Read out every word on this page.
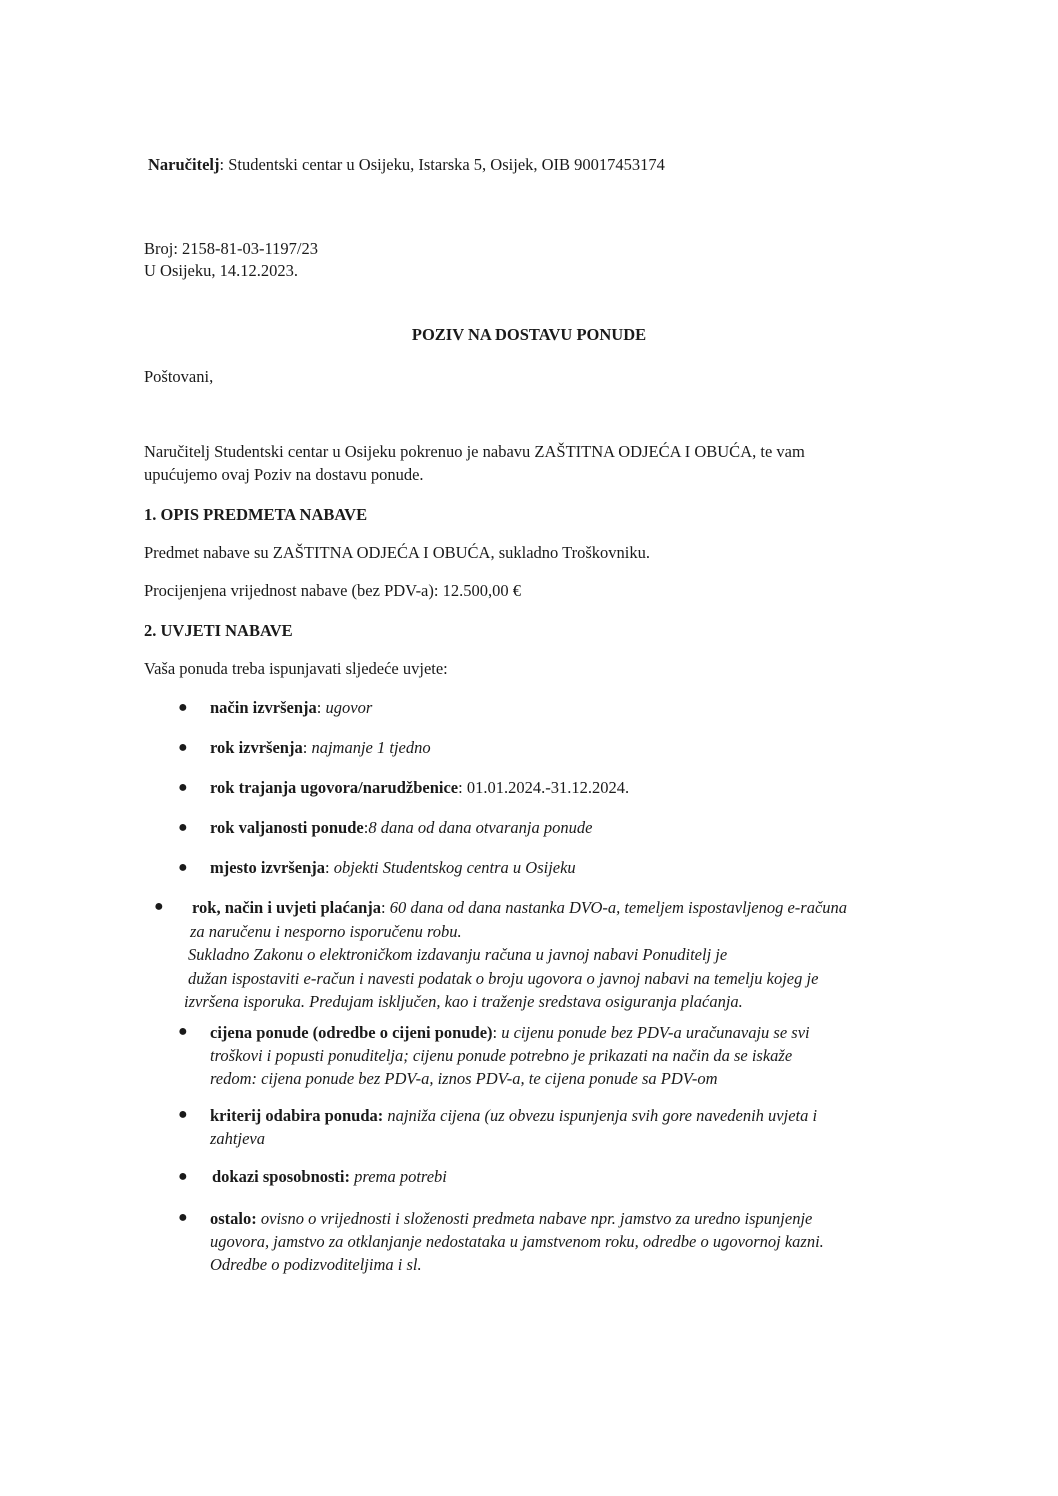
Naručitelj: Studentski centar u Osijeku, Istarska 5, Osijek, OIB 90017453174

Broj: 2158-81-03-1197/23

U Osijeku, 14.12.2023.

POZIV NA DOSTAVU PONUDE

Poštovani,

Naručitelj Studentski centar u Osijeku pokrenuo je nabavu ZAŠTITNA ODJEĆA I OBUĆA, te vam

upućujemo ovaj Poziv na dostavu ponude.

1. OPIS PREDMETA NABAVE

Predmet nabave su ZAŠTITNA ODJEĆA I OBUĆA, sukladno Troškovniku.

Procijenjena vrijednost nabave (bez PDV-a): 12.500,00 €

2. UVJETI NABAVE

Vaša ponuda treba ispunjavati sljedeće uvjete:

● način izvršenja: ugovor
● rok izvršenja: najmanje 1 tjedno
● rok trajanja ugovora/narudžbenice: 01.01.2024.-31.12.2024.
● rok valjanosti ponude:8 dana od dana otvaranja ponude
● mjesto izvršenja: objekti Studentskog centra u Osijeku
● rok, način i uvjeti plaćanja: 60 dana od dana nastanka DVO-a, temeljem ispostavljenog e-računa
za naručenu i nesporno isporučenu robu.
Sukladno Zakonu o elektroničkom izdavanju računa u javnoj nabavi Ponuditelj je
dužan ispostaviti e-račun i navesti podatak o broju ugovora o javnoj nabavi na temelju kojeg je
izvršena isporuka. Predujam isključen, kao i traženje sredstava osiguranja plaćanja.
● cijena ponude (odredbe o cijeni ponude): u cijenu ponude bez PDV-a uračunavaju se svi
troškovi i popusti ponuditelja; cijenu ponude potrebno je prikazati na način da se iskaže
redom: cijena ponude bez PDV-a, iznos PDV-a, te cijena ponude sa PDV-om
● kriterij odabira ponuda: najniža cijena (uz obvezu ispunjenja svih gore navedenih uvjeta i
zahtjeva
● dokazi sposobnosti: prema potrebi
● ostalo: ovisno o vrijednosti i složenosti predmeta nabave npr. jamstvo za uredno ispunjenje
ugovora, jamstvo za otklanjanje nedostataka u jamstvenom roku, odredbe o ugovornoj kazni.
Odredbe o podizvoditeljima i sl.
